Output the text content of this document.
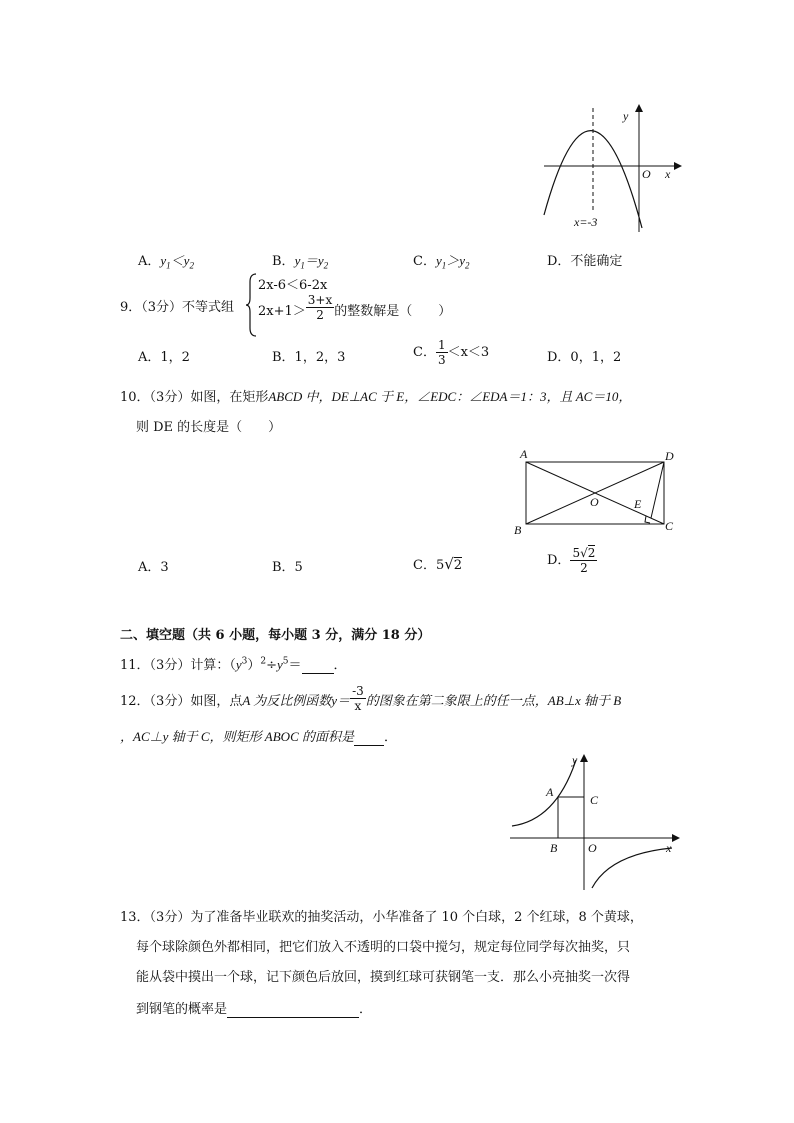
y
x
O
x=-3
A．$y_1<y_2$	B．$y_1=y_2$	C．$y_1>y_2$	D．不能确定
9．（3分）不等式组
2x-6＜6-2x
$2x+1> \frac{3+x}{2}$ 的整数解是（　　）
A．1，2	B．1，2，3	C． $\frac{1}{3} <x<3$	D．0，1，2
10．（3分）如图，在矩形ABCD 中，DE⊥AC 于 E，∠EDC：∠EDA＝1：3，且 AC＝10，
则 DE 的长度是（　　）
A	D
B	C
O	E
A．3	B．5	C．5√2	D． $\frac{5√2}{2}$
二、填空题（共 6 小题，每小题 3 分，满分 18 分）
11．（3分）计算：$(y^3)^2\div y^5=$ ．
12．（3分）如图，点A 为反比例函数$y= \frac{-3}{x}$ 的图象在第二象限上的任一点，AB⊥x 轴于 B
，AC⊥y 轴于 C，则矩形 ABOC 的面积是 ．
y
A
C
B	O	x
13．（3分）为了准备毕业联欢的抽奖活动，小华准备了 10 个白球，2 个红球，8 个黄球，
每个球除颜色外都相同，把它们放入不透明的口袋中搅匀，规定每位同学每次抽奖，只
能从袋中摸出一个球，记下颜色后放回，摸到红球可获钢笔一支．那么小亮抽奖一次得
到钢笔的概率是	．
